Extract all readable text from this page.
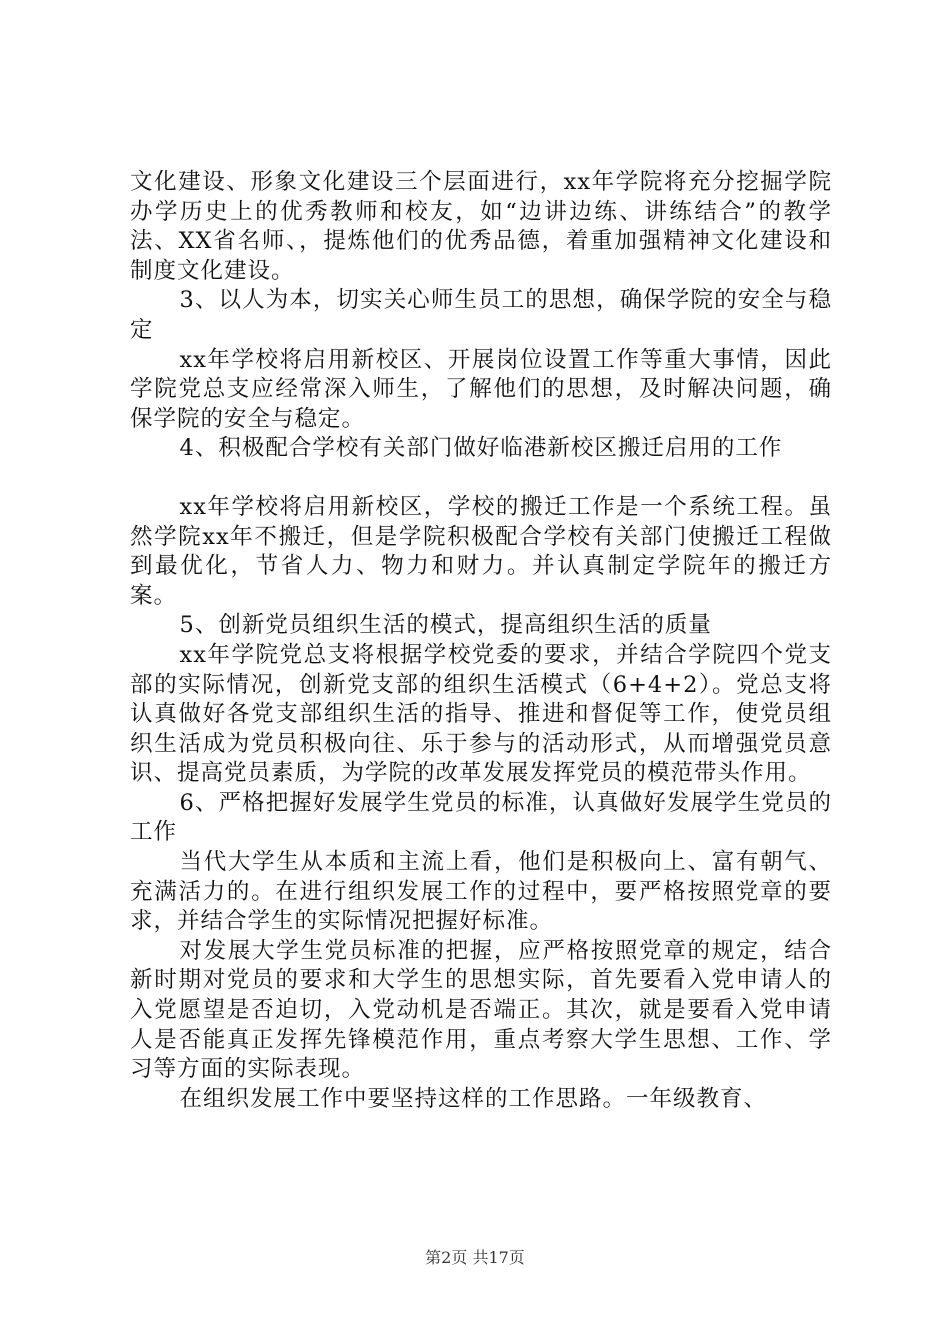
文化建设、形象文化建设三个层面进行，xx年学院将充分挖掘学院办学历史上的优秀教师和校友，如“边讲边练、讲练结合”的教学法、XX省名师、，提炼他们的优秀品德，着重加强精神文化建设和制度文化建设。

3、以人为本，切实关心师生员工的思想，确保学院的安全与稳定

xx年学校将启用新校区、开展岗位设置工作等重大事情，因此学院党总支应经常深入师生，了解他们的思想，及时解决问题，确保学院的安全与稳定。

4、积极配合学校有关部门做好临港新校区搬迁启用的工作

xx年学校将启用新校区，学校的搬迁工作是一个系统工程。虽然学院xx年不搬迁，但是学院积极配合学校有关部门使搬迁工程做到最优化，节省人力、物力和财力。并认真制定学院年的搬迁方案。

5、创新党员组织生活的模式，提高组织生活的质量

xx年学院党总支将根据学校党委的要求，并结合学院四个党支部的实际情况，创新党支部的组织生活模式（6+4+2）。党总支将认真做好各党支部组织生活的指导、推进和督促等工作，使党员组织生活成为党员积极向往、乐于参与的活动形式，从而增强党员意识、提高党员素质，为学院的改革发展发挥党员的模范带头作用。

6、严格把握好发展学生党员的标准，认真做好发展学生党员的工作

当代大学生从本质和主流上看，他们是积极向上、富有朝气、充满活力的。在进行组织发展工作的过程中，要严格按照党章的要求，并结合学生的实际情况把握好标准。

对发展大学生党员标准的把握，应严格按照党章的规定，结合新时期对党员的要求和大学生的思想实际，首先要看入党申请人的入党愿望是否迫切，入党动机是否端正。其次，就是要看入党申请人是否能真正发挥先锋模范作用，重点考察大学生思想、工作、学习等方面的实际表现。

在组织发展工作中要坚持这样的工作思路。一年级教育、

第2页 共17页
